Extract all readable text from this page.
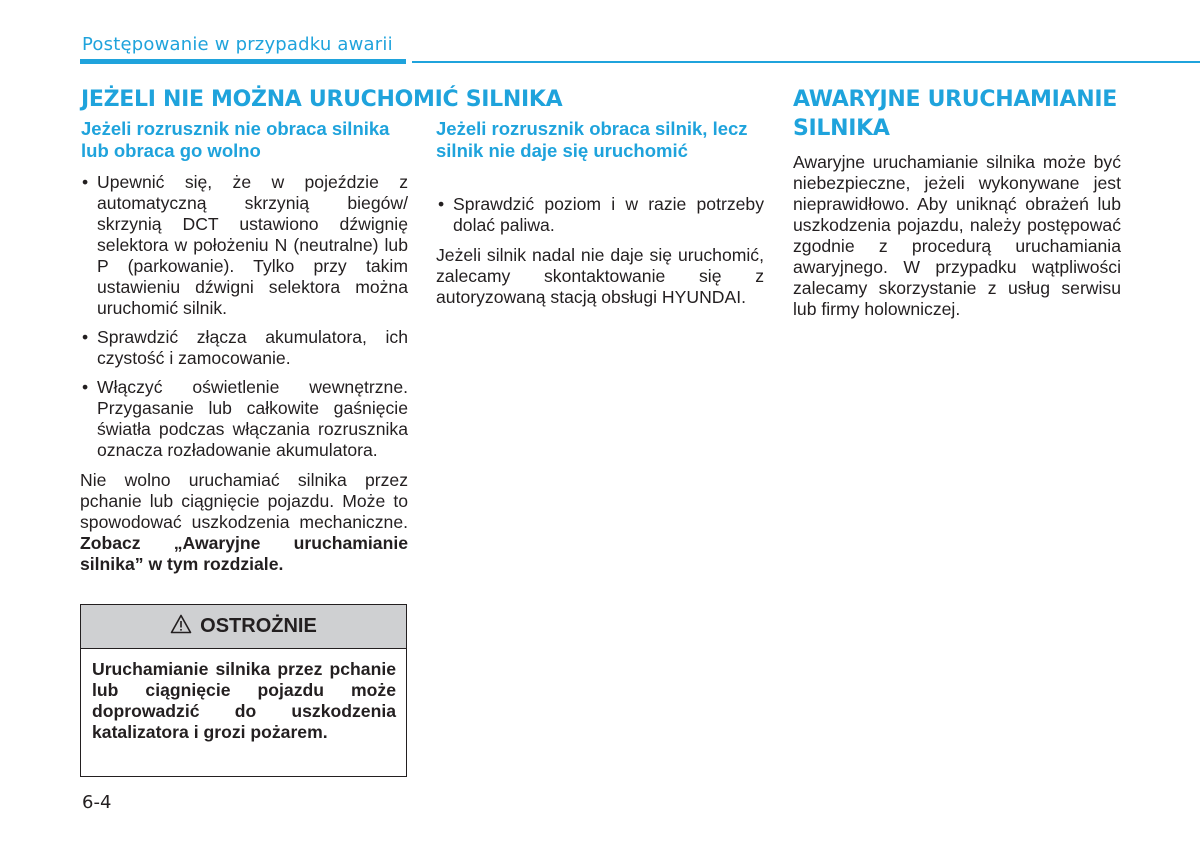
Postępowanie w przypadku awarii
JEŻELI NIE MOŻNA URUCHOMIĆ SILNIKA
Jeżeli rozrusznik nie obraca silnika lub obraca go wolno
• Upewnić się, że w pojeździe z automatyczną skrzynią biegów/ skrzynią DCT ustawiono dźwignię selektora w położeniu N (neutralne) lub P (parkowanie). Tylko przy takim ustawieniu dźwigni selektora można uruchomić silnik.
• Sprawdzić złącza akumulatora, ich czystość i zamocowanie.
• Włączyć oświetlenie wewnętrzne. Przygasanie lub całkowite gaśnięcie światła podczas włączania rozrusznika oznacza rozładowanie akumulatora.

Nie wolno uruchamiać silnika przez pchanie lub ciągnięcie pojazdu. Może to spowodować uszkodzenia mechaniczne. Zobacz „Awaryjne uruchamianie silnika” w tym rozdziale.

OSTROŻNIE
Uruchamianie silnika przez pchanie lub ciągnięcie pojazdu może doprowadzić do uszkodzenia katalizatora i grozi pożarem.
Jeżeli rozrusznik obraca silnik, lecz silnik nie daje się uruchomić
• Sprawdzić poziom i w razie potrzeby dolać paliwa.

Jeżeli silnik nadal nie daje się uruchomić, zalecamy skontaktowanie się z autoryzowaną stacją obsługi HYUNDAI.

AWARYJNE URUCHAMIANIE SILNIKA

Awaryjne uruchamianie silnika może być niebezpieczne, jeżeli wykonywane jest nieprawidłowo. Aby uniknąć obrażeń lub uszkodzenia pojazdu, należy postępować zgodnie z procedurą uruchamiania awaryjnego. W przypadku wątpliwości zalecamy skorzystanie z usług serwisu lub firmy holowniczej.

6-4
